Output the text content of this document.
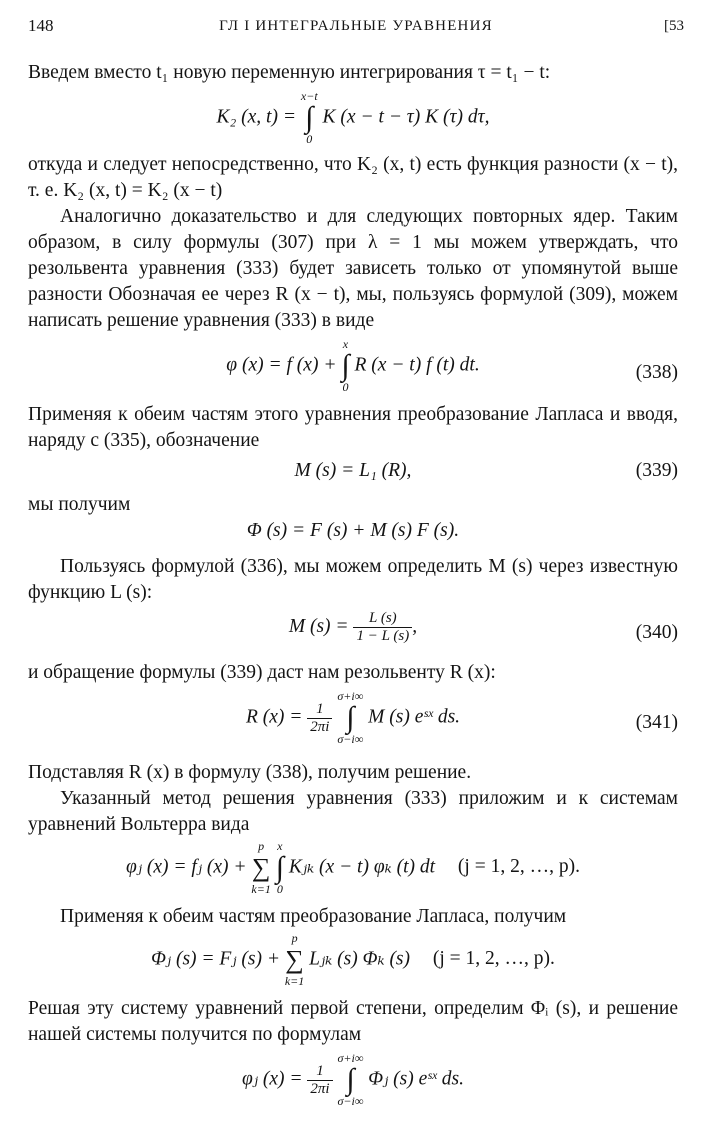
148	ГЛ I ИНТЕГРАЛЬНЫЕ УРАВНЕНИЯ	[53

Введем вместо t₁ новую переменную интегрирования τ = t₁ − t:

K₂ (x, t) =
x−t
∫
0
K (x − t − τ) K (τ) dτ,

откуда и следует непосредственно, что K₂ (x, t) есть функция разности (x − t), т. е. K₂ (x, t) = K₂ (x − t)

Аналогично доказательство и для следующих повторных ядер. Таким образом, в силу формулы (307) при λ = 1 мы можем утверждать, что резольвента уравнения (333) будет зависеть только от упомянутой выше разности Обозначая ее через R (x − t), мы, пользуясь формулой (309), можем написать решение уравнения (333) в виде

φ (x) = f (x) +
x
∫
0
R (x − t) f (t) dt.	(338)

Применяя к обеим частям этого уравнения преобразование Лапласа и вводя, наряду с (335), обозначение

M (s) = L₁ (R),	(339)

мы получим

Φ (s) = F (s) + M (s) F (s).

Пользуясь формулой (336), мы можем определить M (s) через известную функцию L (s):

M $(s) = \frac{L (s)}{1 - L (s)}$ ,	(340)

и обращение формулы (339) даст нам резольвенту R (x):

R $(x) = \frac{1}{2\pi i}$

σ+i∞
∫
σ−i∞
M (s) eˢˣ ds.	(341)

Подставляя R (x) в формулу (338), получим решение.

Указанный метод решения уравнения (333) приложим и к системам уравнений Вольтерра вида

φⱼ (x) = fⱼ (x) +
p
∑
k=1

x
∫
0
Kⱼₖ (x − t) φₖ (t) dt (j = 1, 2, …, p).

Применяя к обеим частям преобразование Лапласа, получим

Φⱼ (s) = Fⱼ (s) +
p
∑
k=1
Lⱼₖ (s) Φₖ (s) (j = 1, 2, …, p).

Решая эту систему уравнений первой степени, определим Φᵢ (s), и решение нашей системы получится по формулам

φⱼ $(x) = \frac{1}{2\pi i}$

σ+i∞
∫
σ−i∞
Φⱼ (s) eˢˣ ds.
